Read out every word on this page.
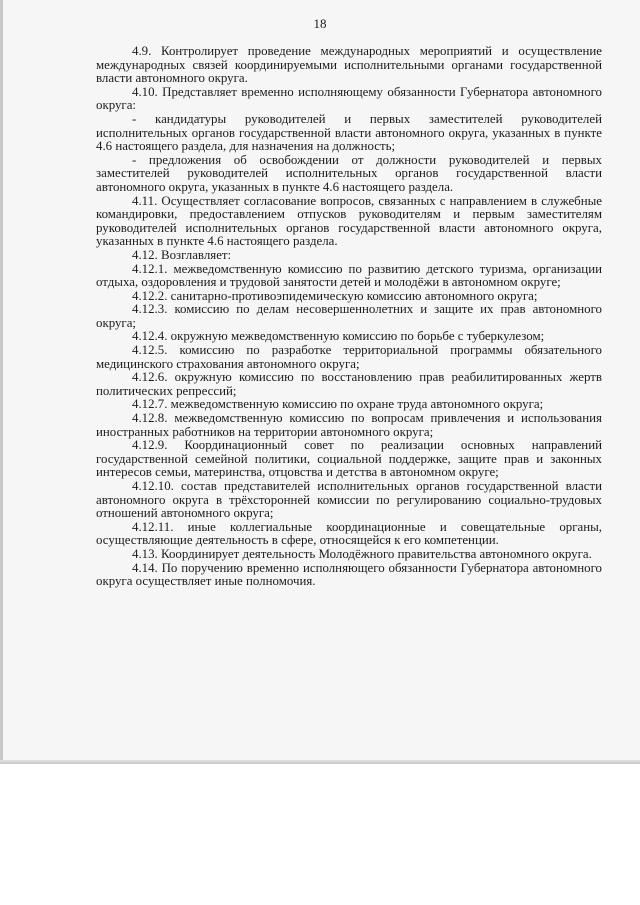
18

4.9. Контролирует проведение международных мероприятий и осуществление международных связей координируемыми исполнительными органами государственной власти автономного округа.

4.10. Представляет временно исполняющему обязанности Губернатора автономного округа:

- кандидатуры руководителей и первых заместителей руководителей исполнительных органов государственной власти автономного округа, указанных в пункте 4.6 настоящего раздела, для назначения на должность;

- предложения об освобождении от должности руководителей и первых заместителей руководителей исполнительных органов государственной власти автономного округа, указанных в пункте 4.6 настоящего раздела.

4.11. Осуществляет согласование вопросов, связанных с направлением в служебные командировки, предоставлением отпусков руководителям и первым заместителям руководителей исполнительных органов государственной власти автономного округа, указанных в пункте 4.6 настоящего раздела.

4.12. Возглавляет:

4.12.1. межведомственную комиссию по развитию детского туризма, организации отдыха, оздоровления и трудовой занятости детей и молодёжи в автономном округе;

4.12.2. санитарно-противоэпидемическую комиссию автономного округа;

4.12.3. комиссию по делам несовершеннолетних и защите их прав автономного округа;

4.12.4. окружную межведомственную комиссию по борьбе с туберкулезом;

4.12.5. комиссию по разработке территориальной программы обязательного медицинского страхования автономного округа;

4.12.6. окружную комиссию по восстановлению прав реабилитированных жертв политических репрессий;

4.12.7. межведомственную комиссию по охране труда автономного округа;

4.12.8. межведомственную комиссию по вопросам привлечения и использования иностранных работников на территории автономного округа;

4.12.9. Координационный совет по реализации основных направлений государственной семейной политики, социальной поддержке, защите прав и законных интересов семьи, материнства, отцовства и детства в автономном округе;

4.12.10. состав представителей исполнительных органов государственной власти автономного округа в трёхсторонней комиссии по регулированию социально-трудовых отношений автономного округа;

4.12.11. иные коллегиальные координационные и совещательные органы, осуществляющие деятельность в сфере, относящейся к его компетенции.

4.13. Координирует деятельность Молодёжного правительства автономного округа.

4.14. По поручению временно исполняющего обязанности Губернатора автономного округа осуществляет иные полномочия.
